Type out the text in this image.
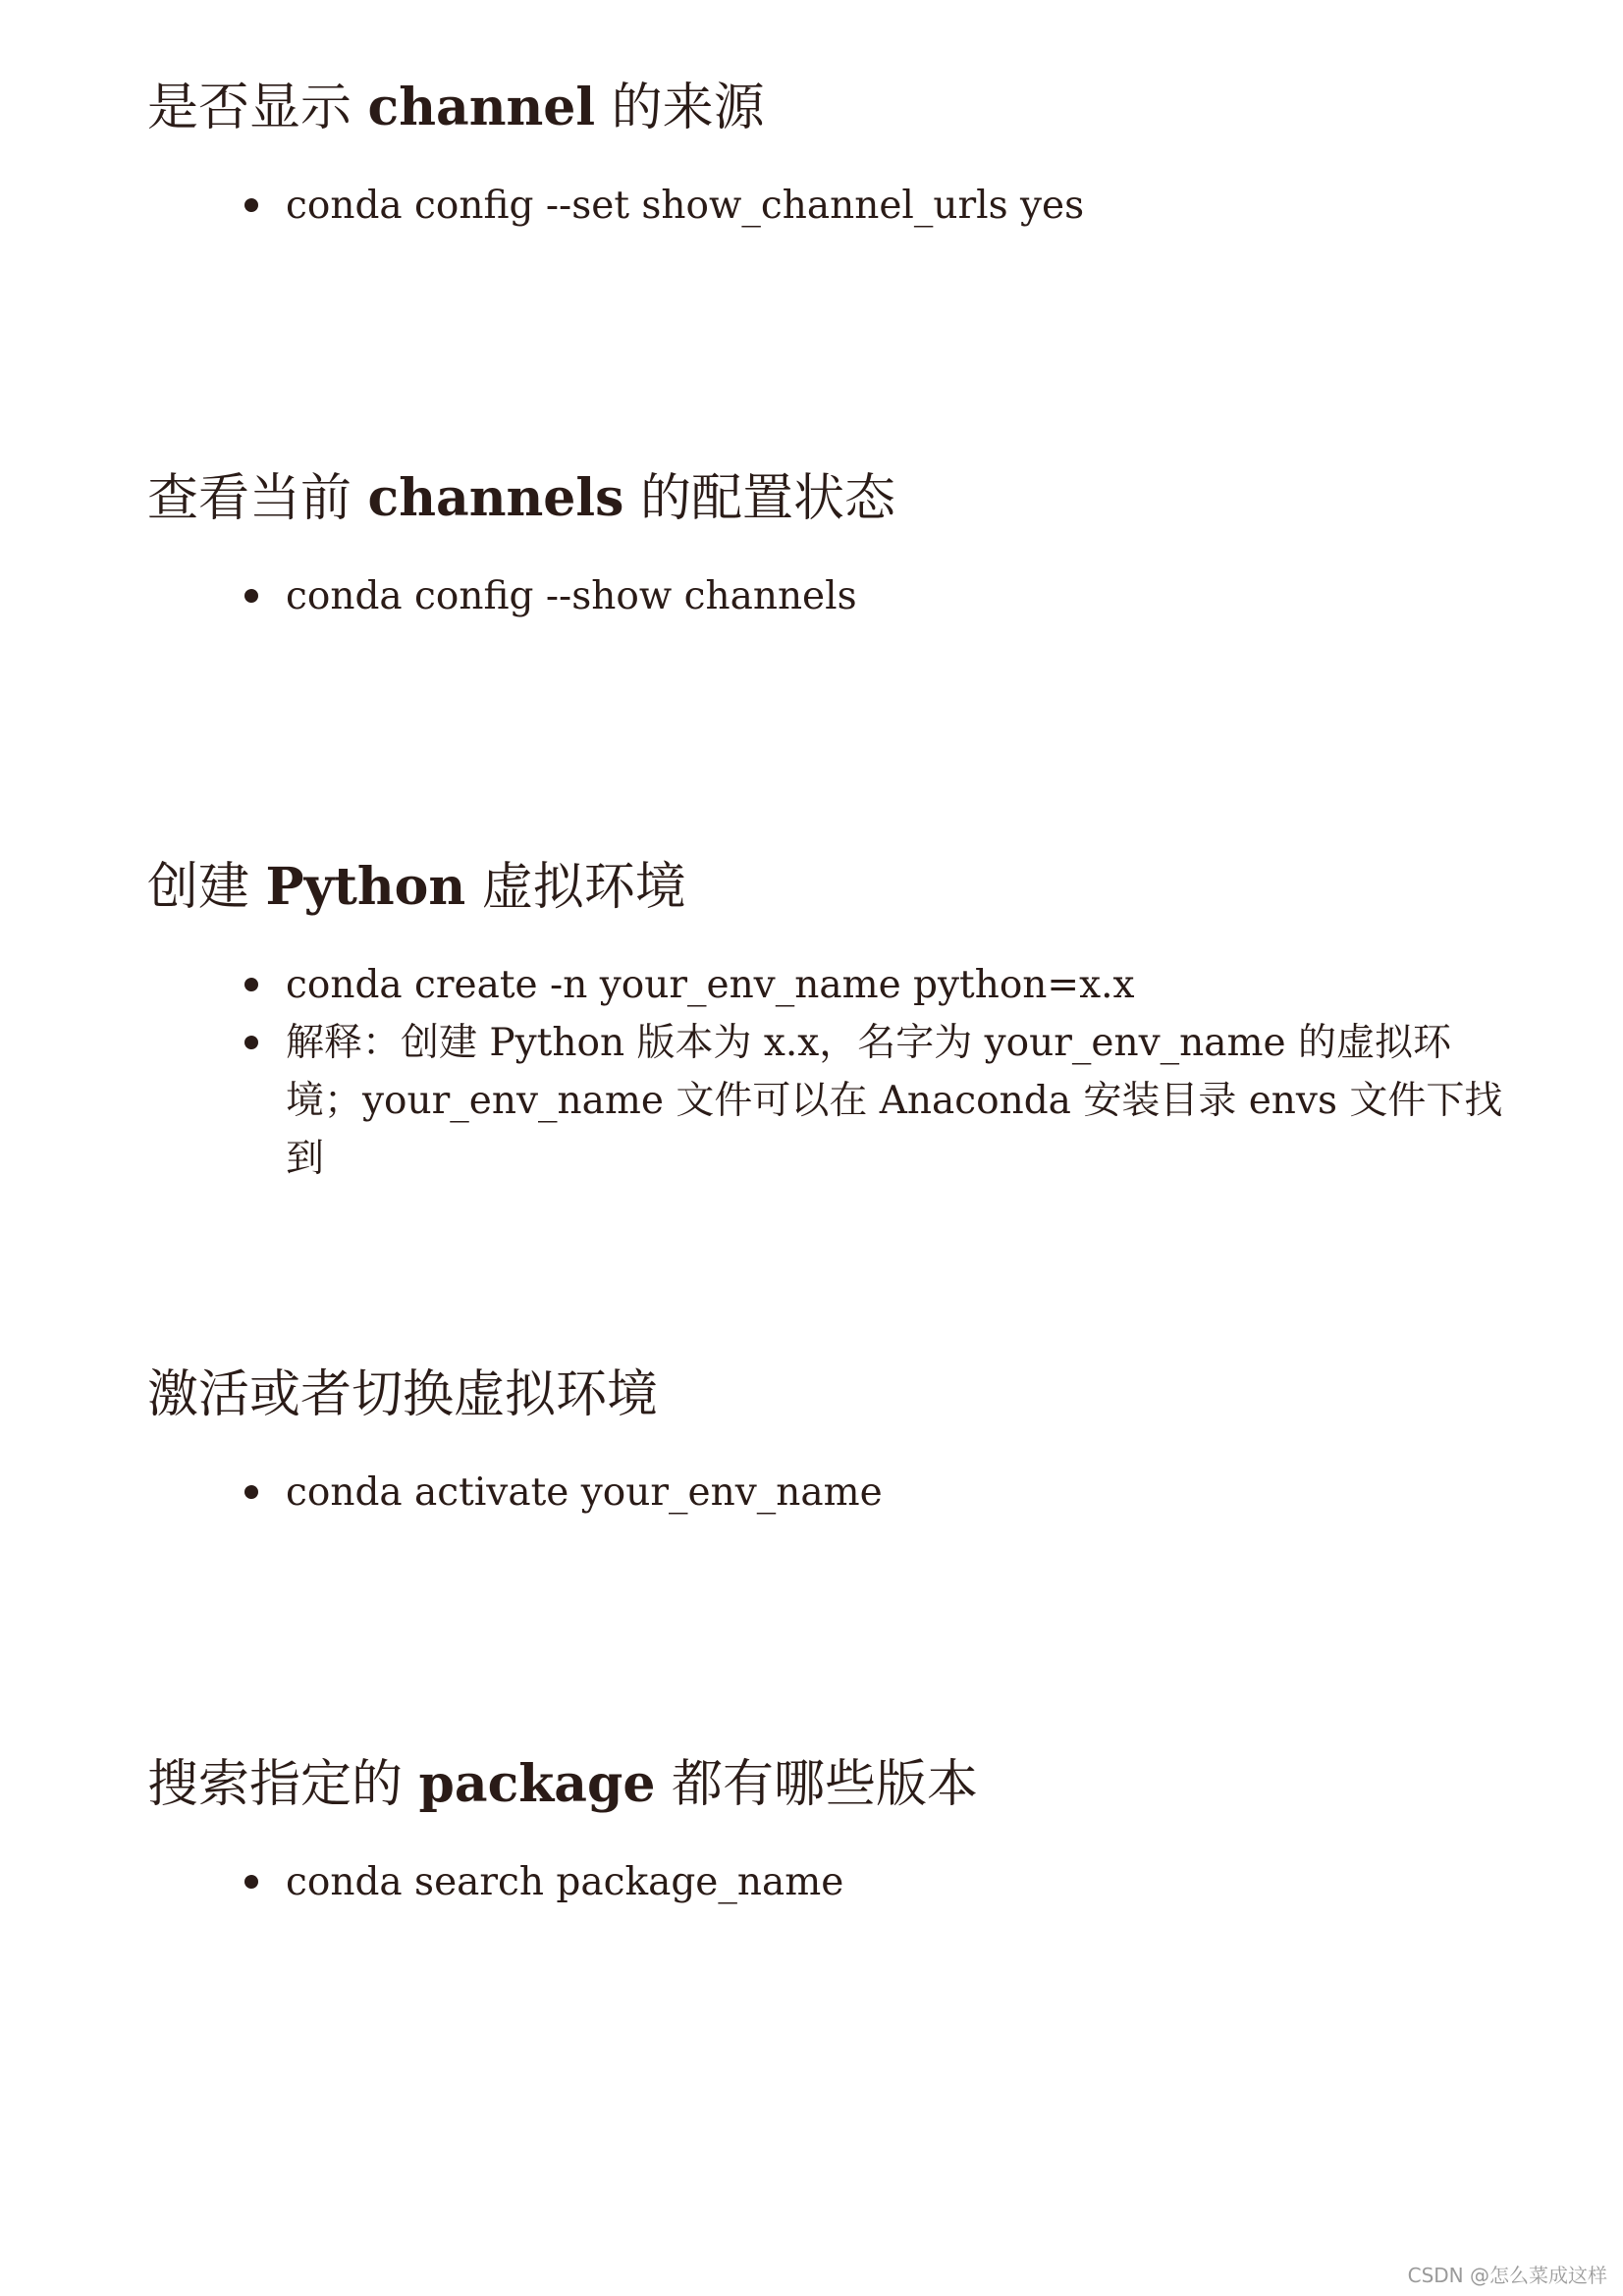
是否显示 channel 的来源
conda config --set show_channel_urls yes
查看当前 channels 的配置状态
conda config --show channels
创建 Python 虚拟环境
conda create -n your_env_name python=x.x
解释：创建 Python 版本为 x.x，名字为 your_env_name 的虚拟环境；your_env_name 文件可以在 Anaconda 安装目录 envs 文件下找到
激活或者切换虚拟环境
conda activate your_env_name
搜索指定的 package 都有哪些版本
conda search package_name
CSDN @怎么菜成这样
